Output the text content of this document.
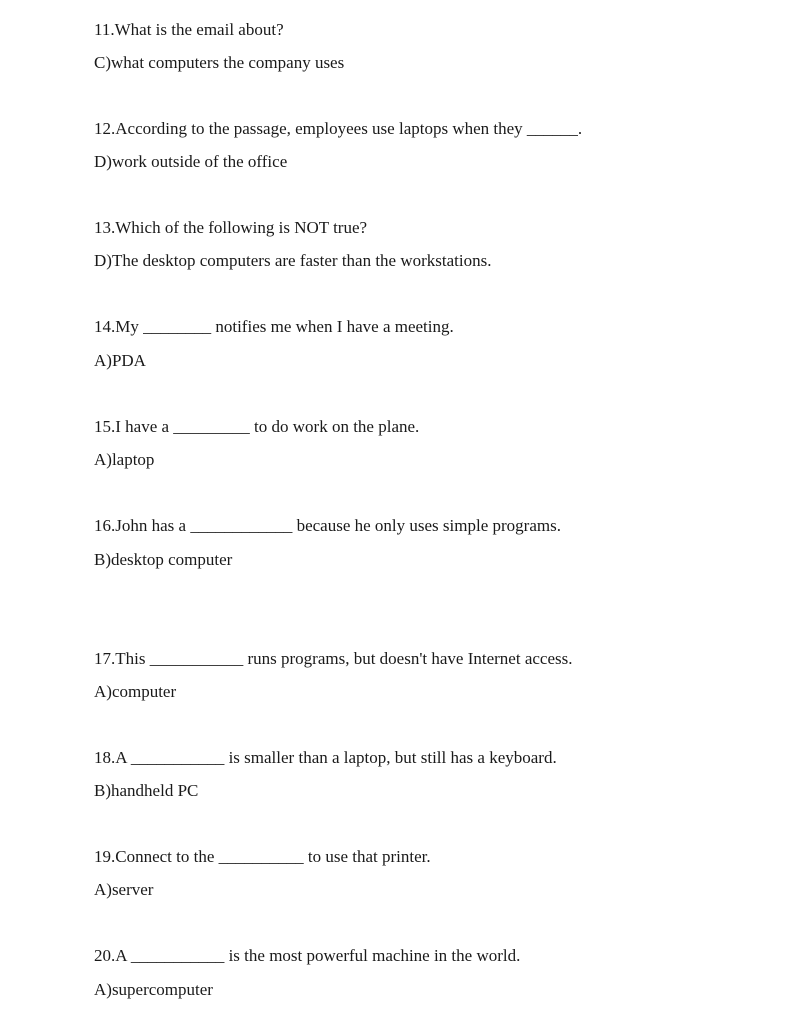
11.What is the email about?

C)what computers the company uses

12.According to the passage, employees use laptops when they ______.

D)work outside of the office

13.Which of the following is NOT true?

D)The desktop computers are faster than the workstations.

14.My ________ notifies me when I have a meeting.

A)PDA

15.I have a _________ to do work on the plane.

A)laptop

16.John has a ____________ because he only uses simple programs.

B)desktop computer

17.This ___________ runs programs, but doesn't have Internet access.

A)computer

18.A ___________ is smaller than a laptop, but still has a keyboard.

B)handheld PC

19.Connect to the __________ to use that printer.

A)server

20.A ___________ is the most powerful machine in the world.

A)supercomputer
